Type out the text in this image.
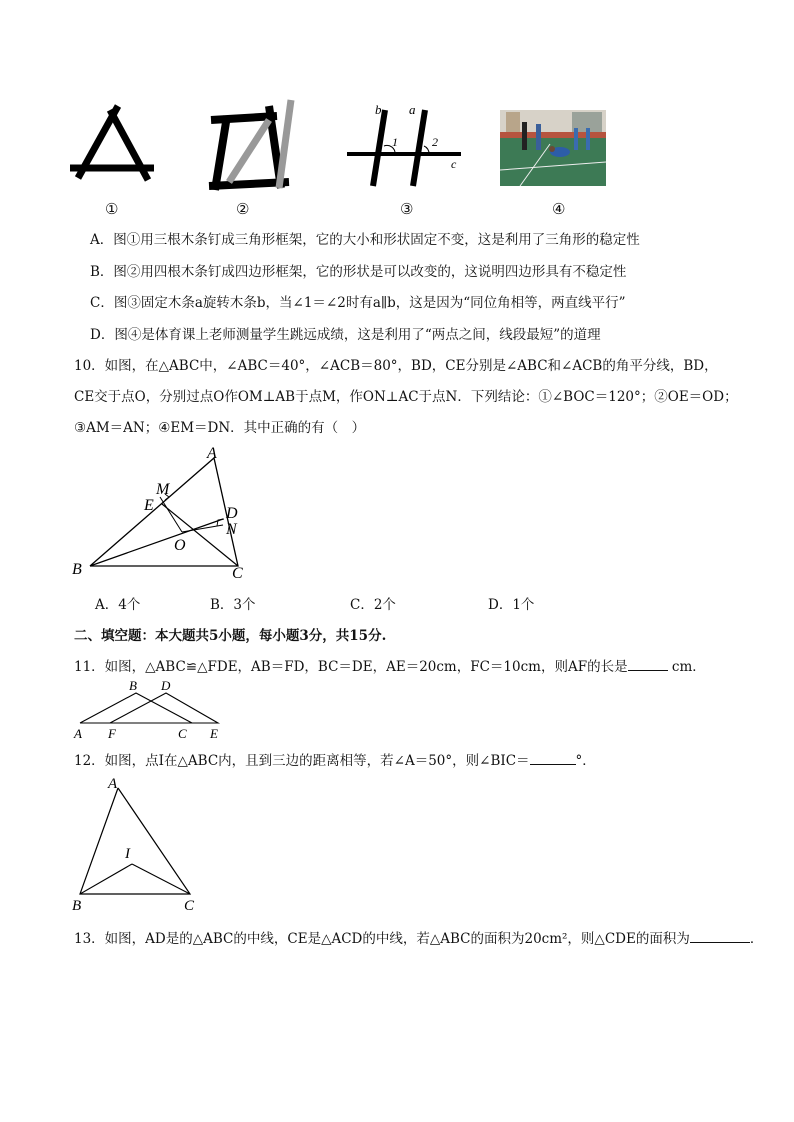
b a
1	2
c
①	②	③	④
A．图①用三根木条钉成三角形框架，它的大小和形状固定不变，这是利用了三角形的稳定性
B．图②用四根木条钉成四边形框架，它的形状是可以改变的，这说明四边形具有不稳定性
C．图③固定木条a旋转木条b，当∠1＝∠2时有a∥b，这是因为“同位角相等，两直线平行”
D．图④是体育课上老师测量学生跳远成绩，这是利用了“两点之间，线段最短”的道理
10．如图，在△ABC中，∠ABC＝40°，∠ACB＝80°，BD，CE分别是∠ABC和∠ACB的角平分线，BD，
CE交于点O，分别过点O作OM⊥AB于点M，作ON⊥AC于点N．下列结论：①∠BOC＝120°；②OE＝OD；
③AM＝AN；④EM＝DN．其中正确的有（　）
A
M
E	D
N
O
B	C
A．4个	B．3个	C．2个	D．1个
二、填空题：本大题共5小题，每小题3分，共15分.
11．如图，△ABC≌△FDE，AB＝FD，BC＝DE，AE＝20cm，FC＝10cm，则AF的长是	cm．
B D
A F	C E
12．如图，点I在△ABC内，且到三边的距离相等，若∠A＝50°，则∠BIC＝	°．
A
I
B	C
13．如图，AD是的△ABC的中线，CE是△ACD的中线，若△ABC的面积为20cm²，则△CDE的面积为	．
